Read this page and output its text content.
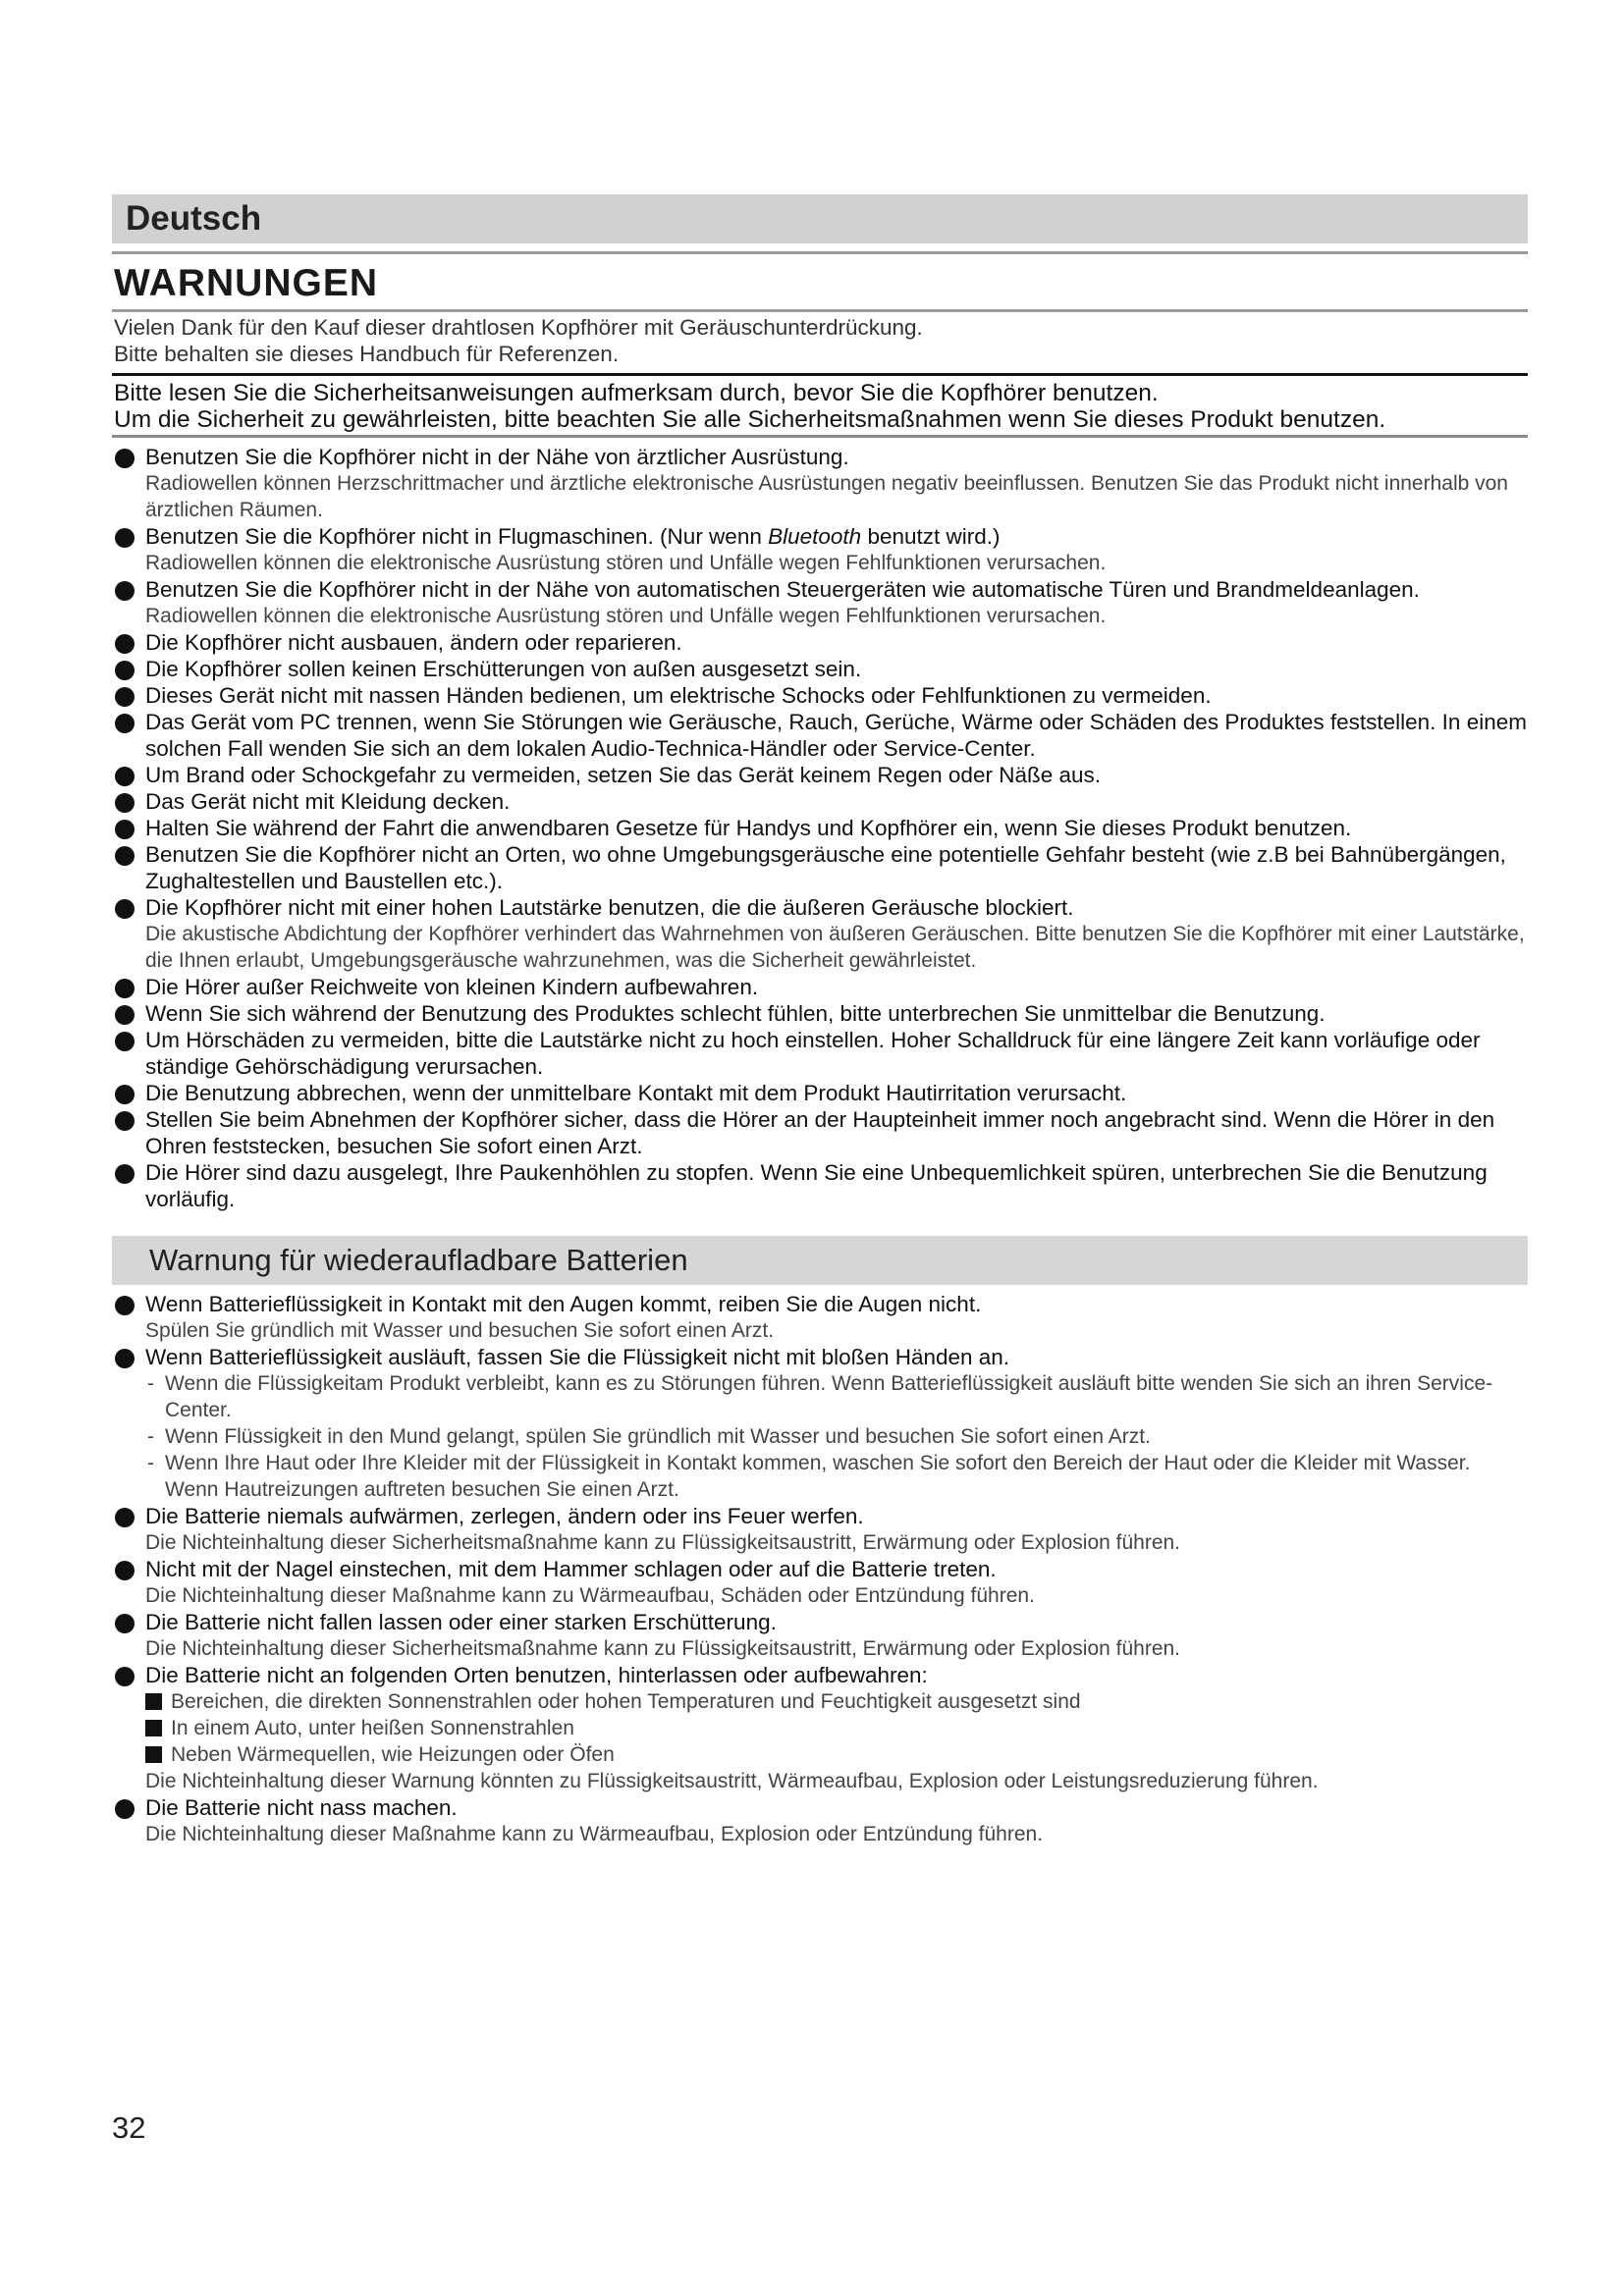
Deutsch
WARNUNGEN
Vielen Dank für den Kauf dieser drahtlosen Kopfhörer mit Geräuschunterdrückung.
Bitte behalten sie dieses Handbuch für Referenzen.
Bitte lesen Sie die Sicherheitsanweisungen aufmerksam durch, bevor Sie die Kopfhörer benutzen.
Um die Sicherheit zu gewährleisten, bitte beachten Sie alle Sicherheitsmaßnahmen wenn Sie dieses Produkt benutzen.
Benutzen Sie die Kopfhörer nicht in der Nähe von ärztlicher Ausrüstung.
Radiowellen können Herzschrittmacher und ärztliche elektronische Ausrüstungen negativ beeinflussen. Benutzen Sie das Produkt nicht innerhalb von ärztlichen Räumen.
Benutzen Sie die Kopfhörer nicht in Flugmaschinen. (Nur wenn Bluetooth benutzt wird.)
Radiowellen können die elektronische Ausrüstung stören und Unfälle wegen Fehlfunktionen verursachen.
Benutzen Sie die Kopfhörer nicht in der Nähe von automatischen Steuergeräten wie automatische Türen und Brandmeldeanlagen.
Radiowellen können die elektronische Ausrüstung stören und Unfälle wegen Fehlfunktionen verursachen.
Die Kopfhörer nicht ausbauen, ändern oder reparieren.
Die Kopfhörer sollen keinen Erschütterungen von außen ausgesetzt sein.
Dieses Gerät nicht mit nassen Händen bedienen, um elektrische Schocks oder Fehlfunktionen zu vermeiden.
Das Gerät vom PC trennen, wenn Sie Störungen wie Geräusche, Rauch, Gerüche, Wärme oder Schäden des Produktes feststellen. In einem solchen Fall wenden Sie sich an dem lokalen Audio-Technica-Händler oder Service-Center.
Um Brand oder Schockgefahr zu vermeiden, setzen Sie das Gerät keinem Regen oder Näße aus.
Das Gerät nicht mit Kleidung decken.
Halten Sie während der Fahrt die anwendbaren Gesetze für Handys und Kopfhörer ein, wenn Sie dieses Produkt benutzen.
Benutzen Sie die Kopfhörer nicht an Orten, wo ohne Umgebungsgeräusche eine potentielle Gehfahr besteht (wie z.B bei Bahnübergängen, Zughaltestellen und Baustellen etc.).
Die Kopfhörer nicht mit einer hohen Lautstärke benutzen, die die äußeren Geräusche blockiert.
Die akustische Abdichtung der Kopfhörer verhindert das Wahrnehmen von äußeren Geräuschen. Bitte benutzen Sie die Kopfhörer mit einer Lautstärke, die Ihnen erlaubt, Umgebungsgeräusche wahrzunehmen, was die Sicherheit gewährleistet.
Die Hörer außer Reichweite von kleinen Kindern aufbewahren.
Wenn Sie sich während der Benutzung des Produktes schlecht fühlen, bitte unterbrechen Sie unmittelbar die Benutzung.
Um Hörschäden zu vermeiden, bitte die Lautstärke nicht zu hoch einstellen. Hoher Schalldruck für eine längere Zeit kann vorläufige oder ständige Gehörschädigung verursachen.
Die Benutzung abbrechen, wenn der unmittelbare Kontakt mit dem Produkt Hautirritation verursacht.
Stellen Sie beim Abnehmen der Kopfhörer sicher, dass die Hörer an der Haupteinheit immer noch angebracht sind. Wenn die Hörer in den Ohren feststecken, besuchen Sie sofort einen Arzt.
Die Hörer sind dazu ausgelegt, Ihre Paukenhöhlen zu stopfen. Wenn Sie eine Unbequemlichkeit spüren, unterbrechen Sie die Benutzung vorläufig.
Warnung für wiederaufladbare Batterien
Wenn Batterieflüssigkeit in Kontakt mit den Augen kommt, reiben Sie die Augen nicht.
Spülen Sie gründlich mit Wasser und besuchen Sie sofort einen Arzt.
Wenn Batterieflüssigkeit ausläuft, fassen Sie die Flüssigkeit nicht mit bloßen Händen an.
- Wenn die Flüssigkeitam Produkt verbleibt, kann es zu Störungen führen. Wenn Batterieflüssigkeit ausläuft bitte wenden Sie sich an ihren Service-Center.
- Wenn Flüssigkeit in den Mund gelangt, spülen Sie gründlich mit Wasser und besuchen Sie sofort einen Arzt.
- Wenn Ihre Haut oder Ihre Kleider mit der Flüssigkeit in Kontakt kommen, waschen Sie sofort den Bereich der Haut oder die Kleider mit Wasser.
Wenn Hautreizungen auftreten besuchen Sie einen Arzt.
Die Batterie niemals aufwärmen, zerlegen, ändern oder ins Feuer werfen.
Die Nichteinhaltung dieser Sicherheitsmaßnahme kann zu Flüssigkeitsaustritt, Erwärmung oder Explosion führen.
Nicht mit der Nagel einstechen, mit dem Hammer schlagen oder auf die Batterie treten.
Die Nichteinhaltung dieser Maßnahme kann zu Wärmeaufbau, Schäden oder Entzündung führen.
Die Batterie nicht fallen lassen oder einer starken Erschütterung.
Die Nichteinhaltung dieser Sicherheitsmaßnahme kann zu Flüssigkeitsaustritt, Erwärmung oder Explosion führen.
Die Batterie nicht an folgenden Orten benutzen, hinterlassen oder aufbewahren:
Bereichen, die direkten Sonnenstrahlen oder hohen Temperaturen und Feuchtigkeit ausgesetzt sind
In einem Auto, unter heißen Sonnenstrahlen
Neben Wärmequellen, wie Heizungen oder Öfen
Die Nichteinhaltung dieser Warnung könnten zu Flüssigkeitsaustritt, Wärmeaufbau, Explosion oder Leistungsreduzierung führen.
Die Batterie nicht nass machen.
Die Nichteinhaltung dieser Maßnahme kann zu Wärmeaufbau, Explosion oder Entzündung führen.
32
